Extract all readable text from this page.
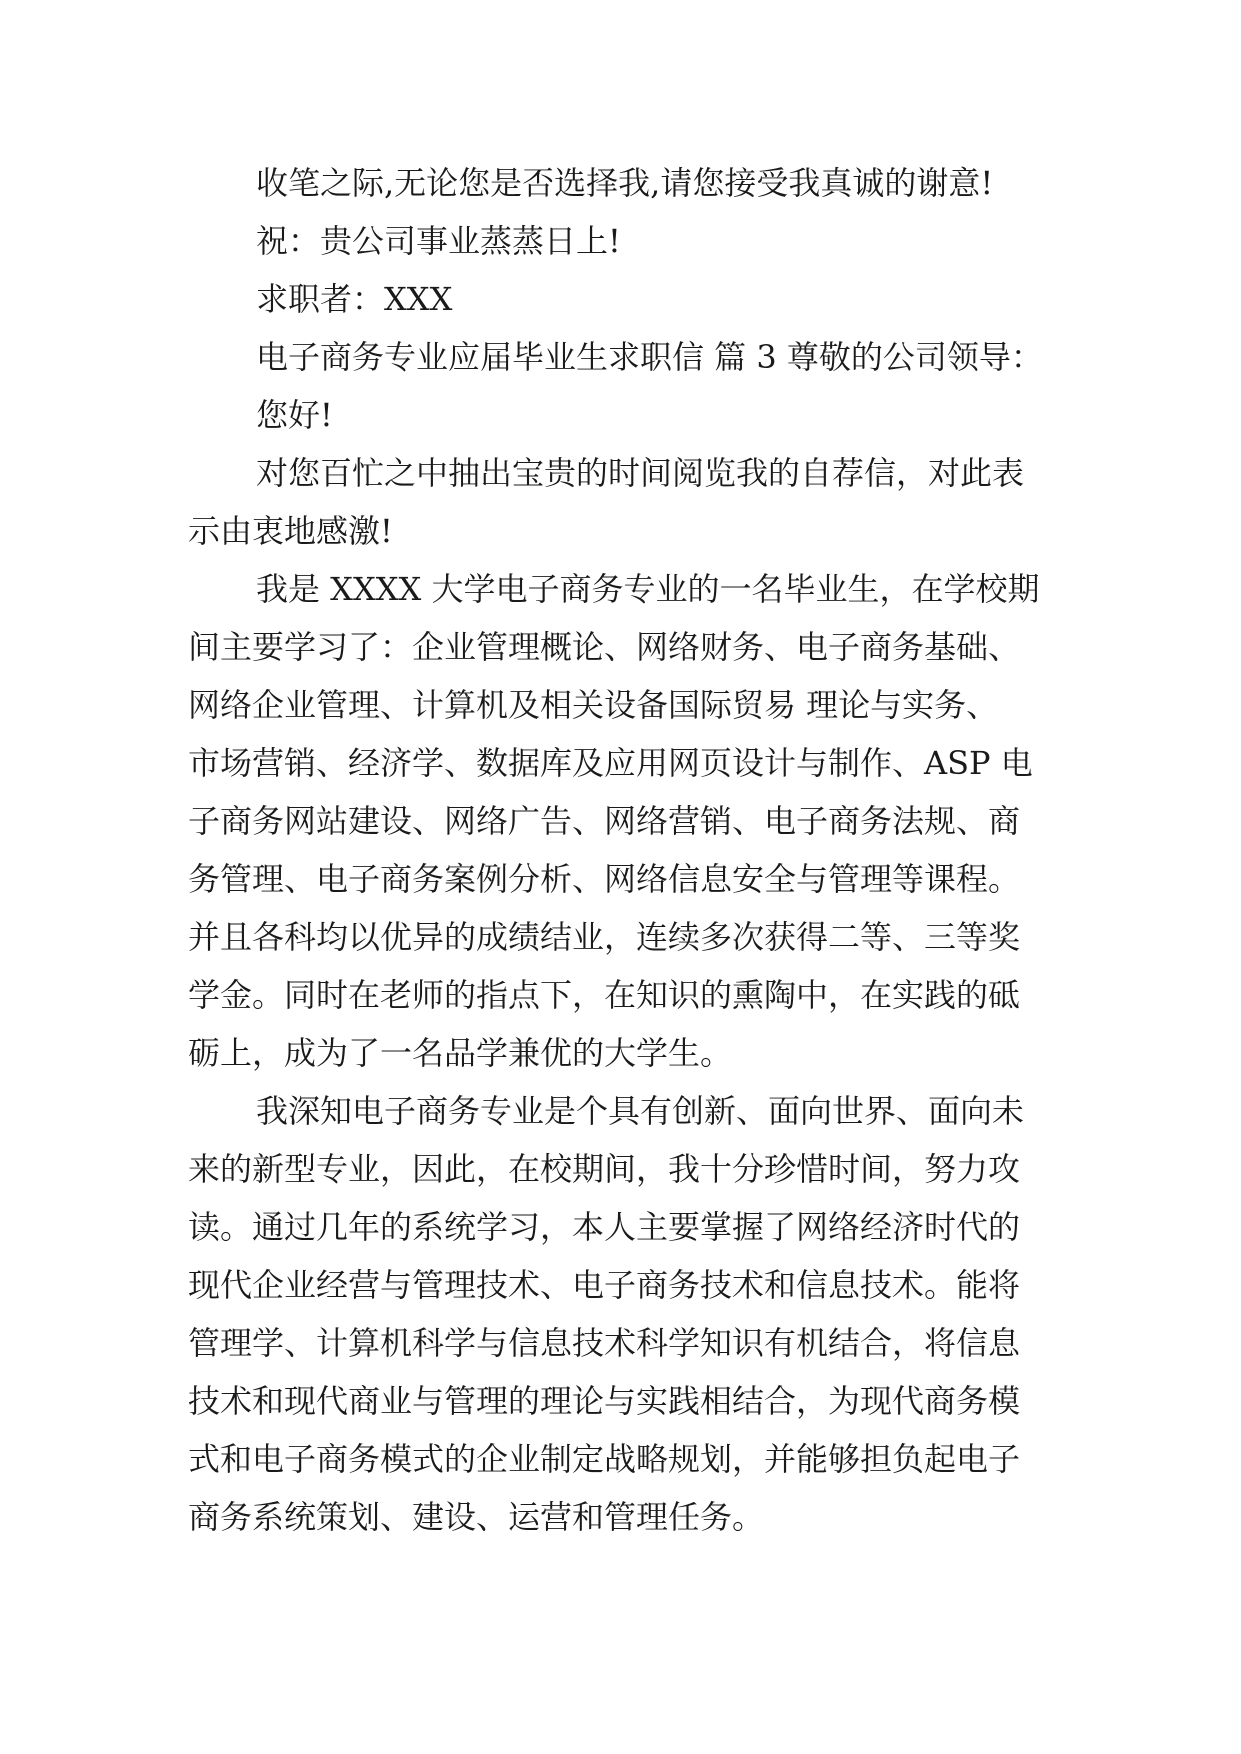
收笔之际,无论您是否选择我,请您接受我真诚的谢意!
祝：贵公司事业蒸蒸日上!
求职者：XXX
电子商务专业应届毕业生求职信 篇 3 尊敬的公司领导：
您好!
对您百忙之中抽出宝贵的时间阅览我的自荐信，对此表
示由衷地感激!
我是 XXXX 大学电子商务专业的一名毕业生，在学校期
间主要学习了：企业管理概论、网络财务、电子商务基础、
网络企业管理、计算机及相关设备国际贸易 理论与实务、
市场营销、经济学、数据库及应用网页设计与制作、ASP 电
子商务网站建设、网络广告、网络营销、电子商务法规、商
务管理、电子商务案例分析、网络信息安全与管理等课程。
并且各科均以优异的成绩结业，连续多次获得二等、三等奖
学金。同时在老师的指点下，在知识的熏陶中，在实践的砥
砺上，成为了一名品学兼优的大学生。
我深知电子商务专业是个具有创新、面向世界、面向未
来的新型专业，因此，在校期间，我十分珍惜时间，努力攻
读。通过几年的系统学习，本人主要掌握了网络经济时代的
现代企业经营与管理技术、电子商务技术和信息技术。能将
管理学、计算机科学与信息技术科学知识有机结合，将信息
技术和现代商业与管理的理论与实践相结合，为现代商务模
式和电子商务模式的企业制定战略规划，并能够担负起电子
商务系统策划、建设、运营和管理任务。
